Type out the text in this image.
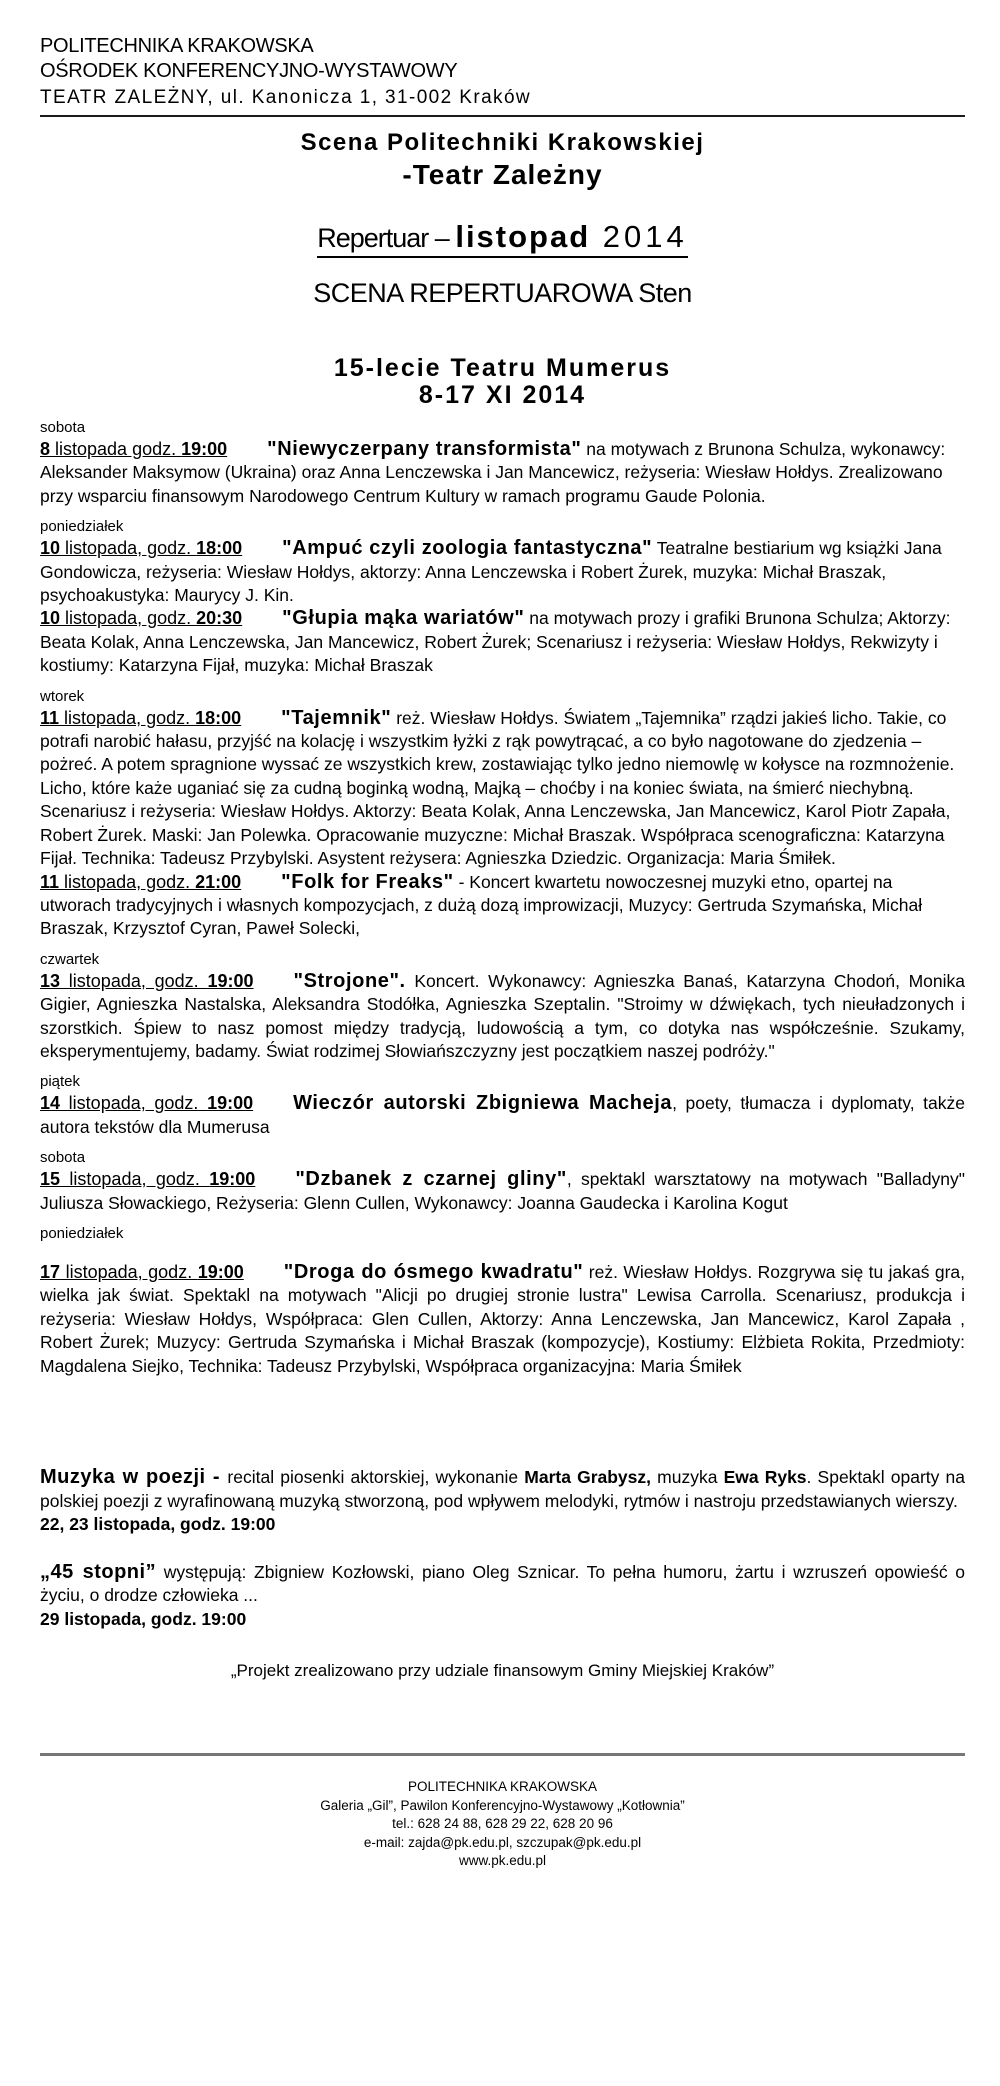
POLITECHNIKA KRAKOWSKA
OŚRODEK KONFERENCYJNO-WYSTAWOWY
TEATR ZALEŻNY, ul. Kanonicza 1, 31-002 Kraków
Scena Politechniki Krakowskiej
-Teatr Zależny
Repertuar – listopad 2014
SCENA REPERTUAROWA Sten
15-lecie Teatru Mumerus
8-17 XI 2014
sobota

8 listopada godz. 19:00 "Niewyczerpany transformista" na motywach z Brunona Schulza, wykonawcy: Aleksander Maksymow (Ukraina) oraz Anna Lenczewska i Jan Mancewicz, reżyseria: Wiesław Hołdys. Zrealizowano przy wsparciu finansowym Narodowego Centrum Kultury w ramach programu Gaude Polonia.

poniedziałek

10 listopada, godz. 18:00 "Ampuć czyli zoologia fantastyczna" Teatralne bestiarium wg książki Jana Gondowicza, reżyseria: Wiesław Hołdys, aktorzy: Anna Lenczewska i Robert Żurek, muzyka: Michał Braszak, psychoakustyka: Maurycy J. Kin.

10 listopada, godz. 20:30 "Głupia mąka wariatów" na motywach prozy i grafiki Brunona Schulza; Aktorzy: Beata Kolak, Anna Lenczewska, Jan Mancewicz, Robert Żurek; Scenariusz i reżyseria: Wiesław Hołdys, Rekwizyty i kostiumy: Katarzyna Fijał, muzyka: Michał Braszak

wtorek

11 listopada, godz. 18:00 "Tajemnik" reż. Wiesław Hołdys. Światem „Tajemnika” rządzi jakieś licho. Takie, co potrafi narobić hałasu, przyjść na kolację i wszystkim łyżki z rąk powytrącać, a co było nagotowane do zjedzenia – pożreć. A potem spragnione wyssać ze wszystkich krew, zostawiając tylko jedno niemowlę w kołysce na rozmnożenie. Licho, które każe uganiać się za cudną boginką wodną, Majką – choćby i na koniec świata, na śmierć niechybną. Scenariusz i reżyseria: Wiesław Hołdys. Aktorzy: Beata Kolak, Anna Lenczewska, Jan Mancewicz, Karol Piotr Zapała, Robert Żurek. Maski: Jan Polewka. Opracowanie muzyczne: Michał Braszak. Współpraca scenograficzna: Katarzyna Fijał. Technika: Tadeusz Przybylski. Asystent reżysera: Agnieszka Dziedzic. Organizacja: Maria Śmiłek.

11 listopada, godz. 21:00 "Folk for Freaks" - Koncert kwartetu nowoczesnej muzyki etno, opartej na utworach tradycyjnych i własnych kompozycjach, z dużą dozą improwizacji, Muzycy: Gertruda Szymańska, Michał Braszak, Krzysztof Cyran, Paweł Solecki,

czwartek

13 listopada, godz. 19:00 "Strojone". Koncert. Wykonawcy: Agnieszka Banaś, Katarzyna Chodoń, Monika Gigier, Agnieszka Nastalska, Aleksandra Stodółka, Agnieszka Szeptalin. "Stroimy w dźwiękach, tych nieuładzonych i szorstkich. Śpiew to nasz pomost między tradycją, ludowością a tym, co dotyka nas współcześnie. Szukamy, eksperymentujemy, badamy. Świat rodzimej Słowiańszczyzny jest początkiem naszej podróży."

piątek

14 listopada, godz. 19:00 Wieczór autorski Zbigniewa Macheja, poety, tłumacza i dyplomaty, także autora tekstów dla Mumerusa

sobota

15 listopada, godz. 19:00 "Dzbanek z czarnej gliny", spektakl warsztatowy na motywach "Balladyny" Juliusza Słowackiego, Reżyseria: Glenn Cullen, Wykonawcy: Joanna Gaudecka i Karolina Kogut

poniedziałek

17 listopada, godz. 19:00 "Droga do ósmego kwadratu" reż. Wiesław Hołdys. Rozgrywa się tu jakaś gra, wielka jak świat. Spektakl na motywach "Alicji po drugiej stronie lustra" Lewisa Carrolla. Scenariusz, produkcja i reżyseria: Wiesław Hołdys, Współpraca: Glen Cullen, Aktorzy: Anna Lenczewska, Jan Mancewicz, Karol Zapała , Robert Żurek; Muzycy: Gertruda Szymańska i Michał Braszak (kompozycje), Kostiumy: Elżbieta Rokita, Przedmioty: Magdalena Siejko, Technika: Tadeusz Przybylski, Współpraca organizacyjna: Maria Śmiłek

Muzyka w poezji - recital piosenki aktorskiej, wykonanie Marta Grabysz, muzyka Ewa Ryks. Spektakl oparty na polskiej poezji z wyrafinowaną muzyką stworzoną, pod wpływem melodyki, rytmów i nastroju przedstawianych wierszy.

22, 23 listopada, godz. 19:00

„45 stopni” występują: Zbigniew Kozłowski, piano Oleg Sznicar. To pełna humoru, żartu i wzruszeń opowieść o życiu, o drodze człowieka ...

29 listopada, godz. 19:00

„Projekt zrealizowano przy udziale finansowym Gminy Miejskiej Kraków”
POLITECHNIKA KRAKOWSKA
Galeria „Gil”, Pawilon Konferencyjno-Wystawowy „Kotłownia”
tel.: 628 24 88, 628 29 22, 628 20 96
e-mail: zajda@pk.edu.pl, szczupak@pk.edu.pl
www.pk.edu.pl
